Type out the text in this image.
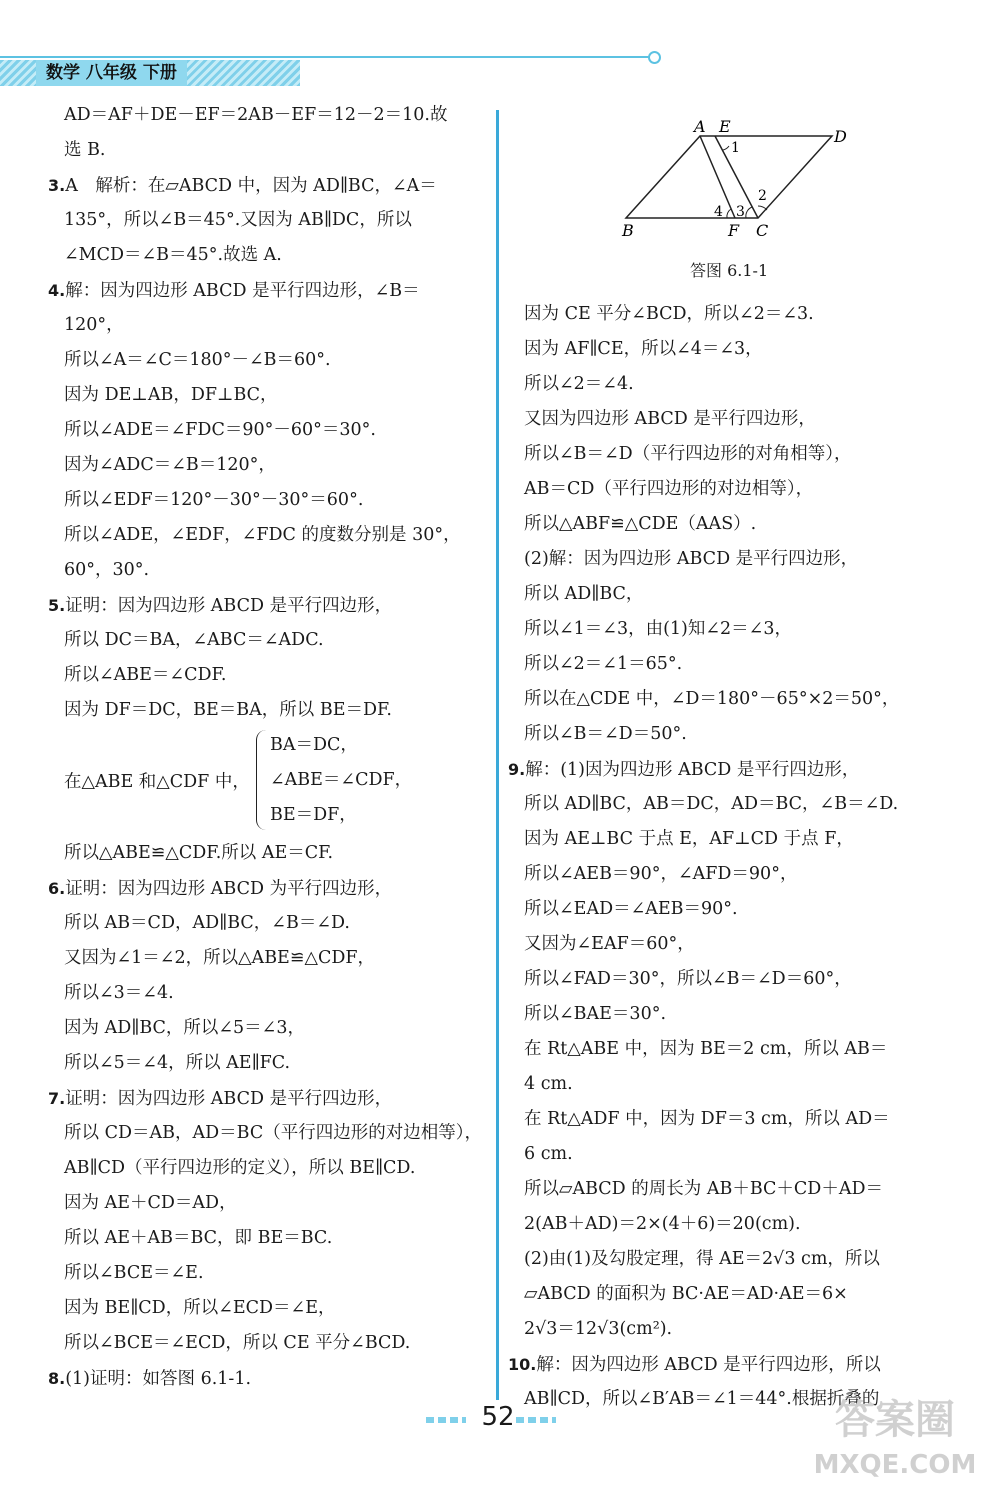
数学 八年级 下册
AD＝AF＋DE－EF＝2AB－EF＝12－2＝10.故
选 B.
3.A　解析：在▱ABCD 中，因为 AD∥BC，∠A＝
135°，所以∠B＝45°.又因为 AB∥DC，所以
∠MCD＝∠B＝45°.故选 A.
4.解：因为四边形 ABCD 是平行四边形，∠B＝
120°，
所以∠A＝∠C＝180°－∠B＝60°.
因为 DE⊥AB，DF⊥BC，
所以∠ADE＝∠FDC＝90°－60°＝30°.
因为∠ADC＝∠B＝120°，
所以∠EDF＝120°－30°－30°＝60°.
所以∠ADE，∠EDF，∠FDC 的度数分别是 30°，
60°，30°.
5.证明：因为四边形 ABCD 是平行四边形，
所以 DC＝BA，∠ABC＝∠ADC.
所以∠ABE＝∠CDF.
因为 DF＝DC，BE＝BA，所以 BE＝DF.
在△ABE 和△CDF 中，
BA＝DC，
∠ABE＝∠CDF，
BE＝DF，
所以△ABE≌△CDF.所以 AE＝CF.
6.证明：因为四边形 ABCD 为平行四边形，
所以 AB＝CD，AD∥BC，∠B＝∠D.
又因为∠1＝∠2，所以△ABE≌△CDF，
所以∠3＝∠4.
因为 AD∥BC，所以∠5＝∠3，
所以∠5＝∠4，所以 AE∥FC.
7.证明：因为四边形 ABCD 是平行四边形，
所以 CD＝AB，AD＝BC（平行四边形的对边相等），
AB∥CD（平行四边形的定义），所以 BE∥CD.
因为 AE＋CD＝AD，
所以 AE＋AB＝BC，即 BE＝BC.
所以∠BCE＝∠E.
因为 BE∥CD，所以∠ECD＝∠E，
所以∠BCE＝∠ECD，所以 CE 平分∠BCD.
8.(1)证明：如答图 6.1-1.
A E
D
B	F C
1
2
3
4
答图 6.1-1
因为 CE 平分∠BCD，所以∠2＝∠3.
因为 AF∥CE，所以∠4＝∠3，
所以∠2＝∠4.
又因为四边形 ABCD 是平行四边形，
所以∠B＝∠D（平行四边形的对角相等），
AB＝CD（平行四边形的对边相等），
所以△ABF≌△CDE（AAS）.
(2)解：因为四边形 ABCD 是平行四边形，
所以 AD∥BC，
所以∠1＝∠3，由(1)知∠2＝∠3，
所以∠2＝∠1＝65°.
所以在△CDE 中，∠D＝180°－65°×2＝50°，
所以∠B＝∠D＝50°.
9.解：(1)因为四边形 ABCD 是平行四边形，
所以 AD∥BC，AB＝DC，AD＝BC，∠B＝∠D.
因为 AE⊥BC 于点 E，AF⊥CD 于点 F，
所以∠AEB＝90°，∠AFD＝90°，
所以∠EAD＝∠AEB＝90°.
又因为∠EAF＝60°，
所以∠FAD＝30°，所以∠B＝∠D＝60°，
所以∠BAE＝30°.
在 Rt△ABE 中，因为 BE＝2 cm，所以 AB＝
4 cm.
在 Rt△ADF 中，因为 DF＝3 cm，所以 AD＝
6 cm.
所以▱ABCD 的周长为 AB＋BC＋CD＋AD＝
2(AB＋AD)＝2×(4＋6)＝20(cm).
(2)由(1)及勾股定理，得 AE＝2√3 cm，所以
▱ABCD 的面积为 BC·AE＝AD·AE＝6×
2√3＝12√3(cm²).
10.解：因为四边形 ABCD 是平行四边形，所以
AB∥CD，所以∠B′AB＝∠1＝44°.根据折叠的
52	答案圈
MXQE.COM
